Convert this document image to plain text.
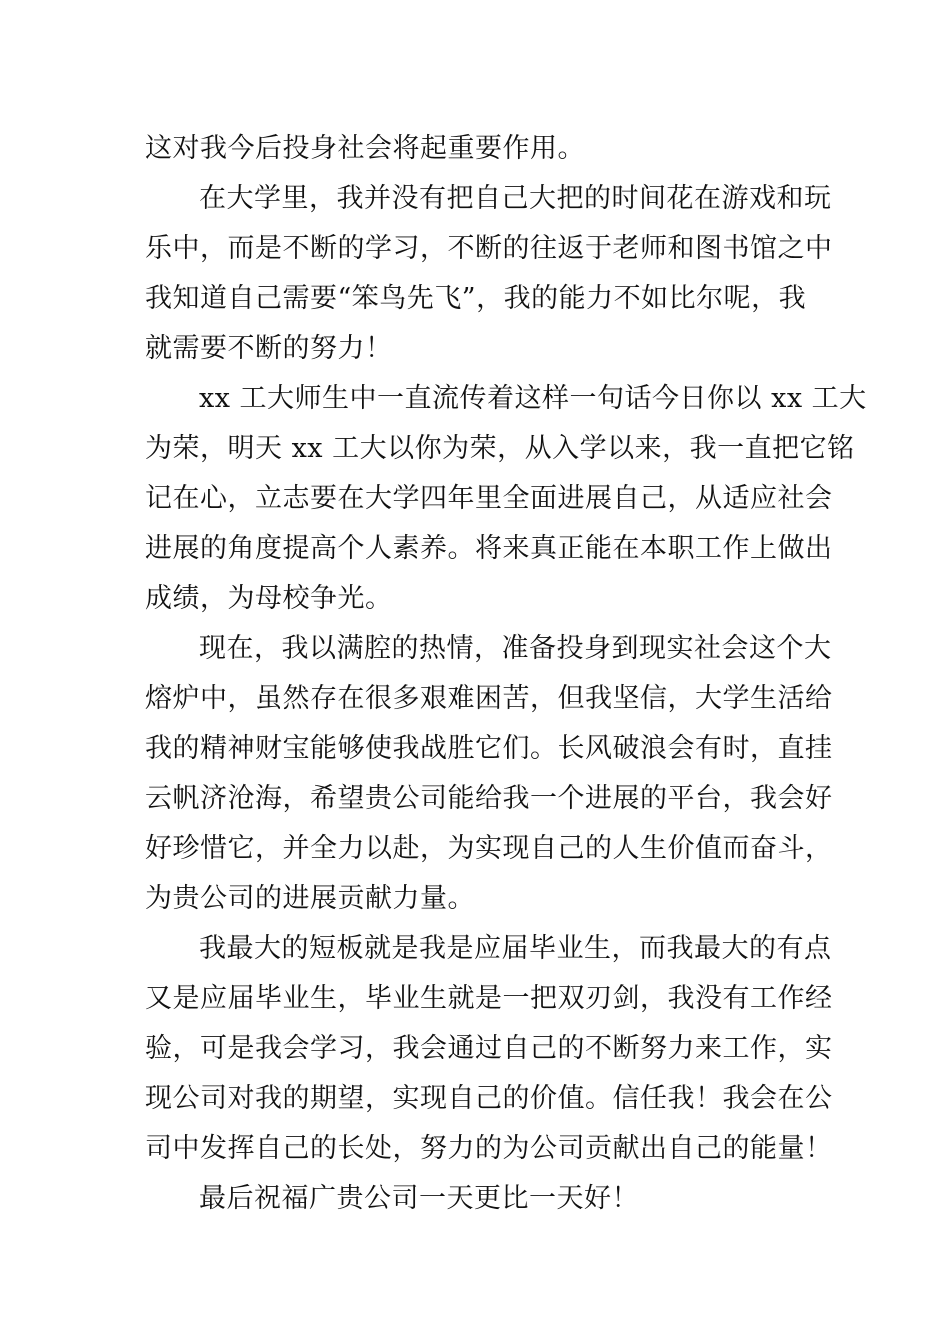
这对我今后投身社会将起重要作用。
在大学里，我并没有把自己大把的时间花在游戏和玩
乐中，而是不断的学习，不断的往返于老师和图书馆之中
我知道自己需要“笨鸟先飞”，我的能力不如比尔呢，我
就需要不断的努力！
xx 工大师生中一直流传着这样一句话今日你以 xx 工大
为荣，明天 xx 工大以你为荣，从入学以来，我一直把它铭
记在心，立志要在大学四年里全面进展自己，从适应社会
进展的角度提高个人素养。将来真正能在本职工作上做出
成绩，为母校争光。
现在，我以满腔的热情，准备投身到现实社会这个大
熔炉中，虽然存在很多艰难困苦，但我坚信，大学生活给
我的精神财宝能够使我战胜它们。长风破浪会有时，直挂
云帆济沧海，希望贵公司能给我一个进展的平台，我会好
好珍惜它，并全力以赴，为实现自己的人生价值而奋斗，
为贵公司的进展贡献力量。
我最大的短板就是我是应届毕业生，而我最大的有点
又是应届毕业生，毕业生就是一把双刃剑，我没有工作经
验，可是我会学习，我会通过自己的不断努力来工作，实
现公司对我的期望，实现自己的价值。信任我！我会在公
司中发挥自己的长处，努力的为公司贡献出自己的能量！
最后祝福广贵公司一天更比一天好！
